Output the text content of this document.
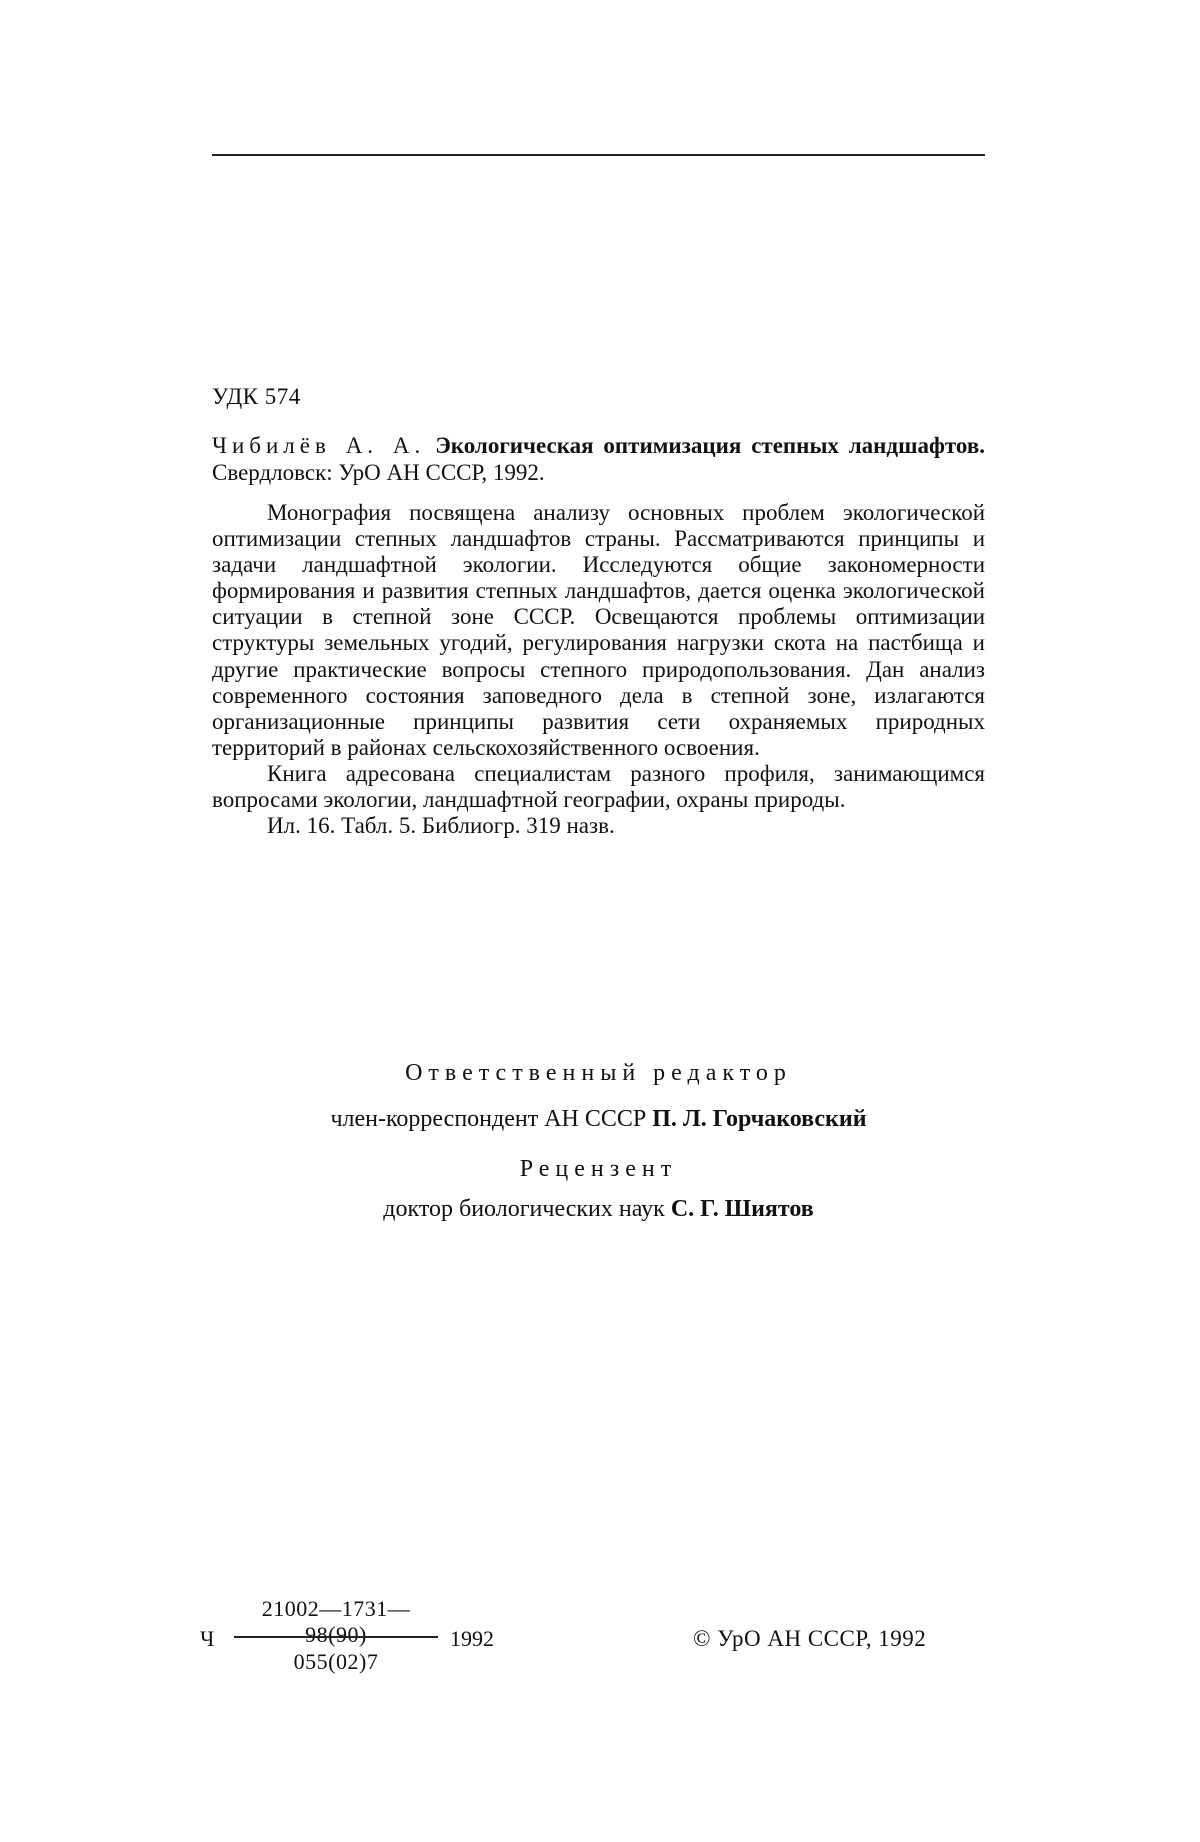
УДК 574
Чибилёв А. А. Экологическая оптимизация степных ландшафтов. Свердловск: УрО АН СССР, 1992.

Монография посвящена анализу основных проблем экологической оптимизации степных ландшафтов страны. Рассматриваются принципы и задачи ландшафтной экологии. Исследуются общие закономерности формирования и развития степных ландшафтов, дается оценка экологической ситуации в степной зоне СССР. Освещаются проблемы оптимизации структуры земельных угодий, регулирования нагрузки скота на пастбища и другие практические вопросы степного природопользования. Дан анализ современного состояния заповедного дела в степной зоне, излагаются организационные принципы развития сети охраняемых природных территорий в районах сельскохозяйственного освоения.

Книга адресована специалистам разного профиля, занимающимся вопросами экологии, ландшафтной географии, охраны природы.

Ил. 16. Табл. 5. Библиогр. 319 назв.

Ответственный редактор
член-корреспондент АН СССР П. Л. Горчаковский
Рецензент
доктор биологических наук С. Г. Шиятов
Ч
21002—1731—98(90)
055(02)7
1992	© УрО АН СССР, 1992
